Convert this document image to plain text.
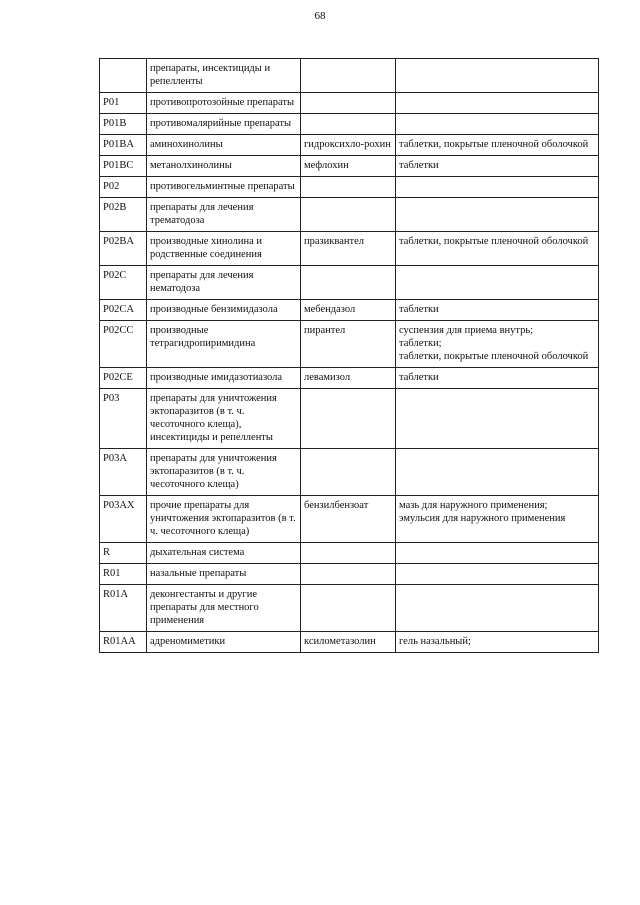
68
	препараты, инсектициды и репелленты		
P01	противопротозойные препараты		
P01B	противомалярийные препараты		
P01BA	аминохинолины	гидроксихло-рохин	таблетки, покрытые пленочной оболочкой

P01BC	метанолхинолины	мефлохин	таблетки

P02	противогельминтные препараты		
P02B	препараты для лечения трематодоза		
P02BA	производные хинолина и родственные соединения	празиквантел	таблетки, покрытые пленочной оболочкой

P02C	препараты для лечения нематодоза		
P02CA	производные бензимидазола	мебендазол	таблетки

P02CC	производные тетрагидропиримидина	пирантел	суспензия для приема внутрь;
таблетки;
таблетки, покрытые пленочной оболочкой

P02CE	производные имидазотиазола	левамизол	таблетки

P03	препараты для уничтожения эктопаразитов (в т. ч. чесоточного клеща), инсектициды и репелленты		
P03A	препараты для уничтожения эктопаразитов (в т. ч. чесоточного клеща)		
P03AX	прочие препараты для уничтожения эктопаразитов (в т. ч. чесоточного клеща)	бензилбензоат	мазь для наружного применения;
эмульсия для наружного применения

R	дыхательная система		
R01	назальные препараты		
R01A	деконгестанты и другие препараты для местного применения		
R01AA	адреномиметики	ксилометазолин	гель назальный;
